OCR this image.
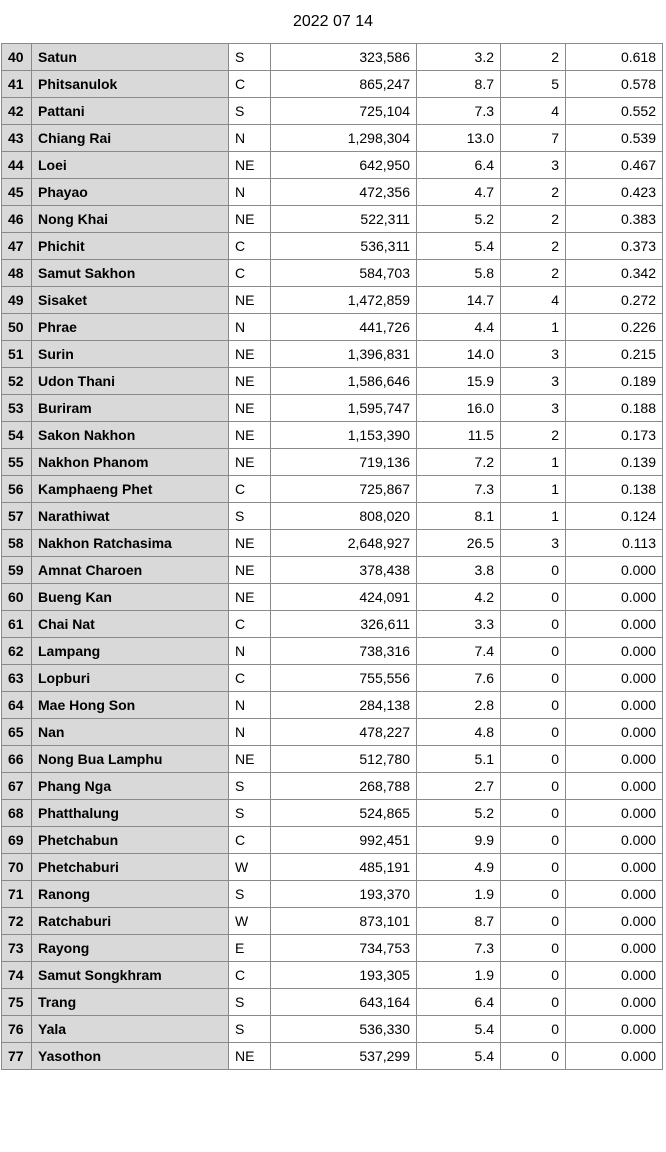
2022 07 14
40	Satun	S	323,586	3.2	2	0.618
41	Phitsanulok	C	865,247	8.7	5	0.578
42	Pattani	S	725,104	7.3	4	0.552
43	Chiang Rai	N	1,298,304	13.0	7	0.539
44	Loei	NE	642,950	6.4	3	0.467
45	Phayao	N	472,356	4.7	2	0.423
46	Nong Khai	NE	522,311	5.2	2	0.383
47	Phichit	C	536,311	5.4	2	0.373
48	Samut Sakhon	C	584,703	5.8	2	0.342
49	Sisaket	NE	1,472,859	14.7	4	0.272
50	Phrae	N	441,726	4.4	1	0.226
51	Surin	NE	1,396,831	14.0	3	0.215
52	Udon Thani	NE	1,586,646	15.9	3	0.189
53	Buriram	NE	1,595,747	16.0	3	0.188
54	Sakon Nakhon	NE	1,153,390	11.5	2	0.173
55	Nakhon Phanom	NE	719,136	7.2	1	0.139
56	Kamphaeng Phet	C	725,867	7.3	1	0.138
57	Narathiwat	S	808,020	8.1	1	0.124
58	Nakhon Ratchasima	NE	2,648,927	26.5	3	0.113
59	Amnat Charoen	NE	378,438	3.8	0	0.000
60	Bueng Kan	NE	424,091	4.2	0	0.000
61	Chai Nat	C	326,611	3.3	0	0.000
62	Lampang	N	738,316	7.4	0	0.000
63	Lopburi	C	755,556	7.6	0	0.000
64	Mae Hong Son	N	284,138	2.8	0	0.000
65	Nan	N	478,227	4.8	0	0.000
66	Nong Bua Lamphu	NE	512,780	5.1	0	0.000
67	Phang Nga	S	268,788	2.7	0	0.000
68	Phatthalung	S	524,865	5.2	0	0.000
69	Phetchabun	C	992,451	9.9	0	0.000
70	Phetchaburi	W	485,191	4.9	0	0.000
71	Ranong	S	193,370	1.9	0	0.000
72	Ratchaburi	W	873,101	8.7	0	0.000
73	Rayong	E	734,753	7.3	0	0.000
74	Samut Songkhram	C	193,305	1.9	0	0.000
75	Trang	S	643,164	6.4	0	0.000
76	Yala	S	536,330	5.4	0	0.000
77	Yasothon	NE	537,299	5.4	0	0.000
